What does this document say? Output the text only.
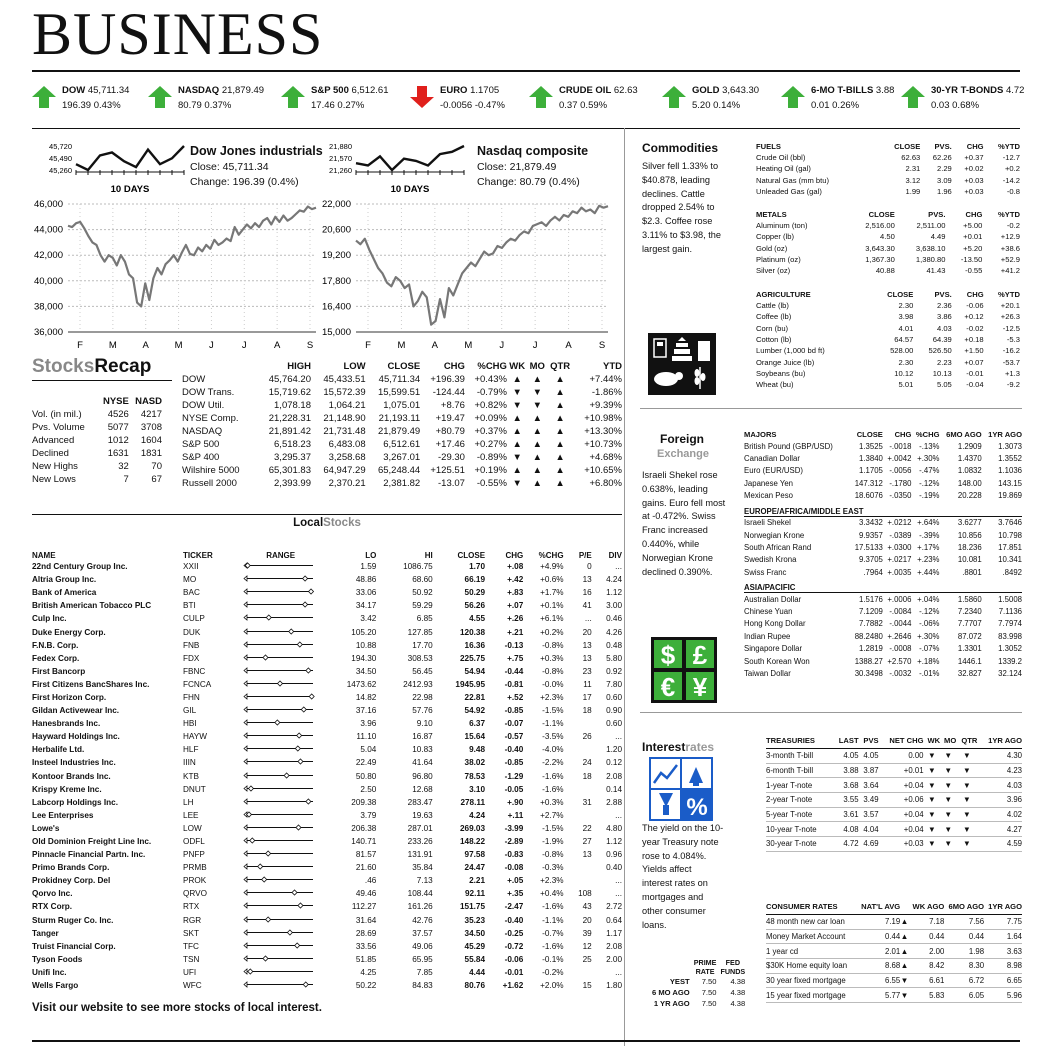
BUSINESS
DOW 45,711.34
196.39 0.43%
NASDAQ 21,879.49
80.79 0.37%
S&P 500 6,512.61
17.46 0.27%
EURO 1.1705
-0.0056 -0.47%
CRUDE OIL 62.63
0.37 0.59%
GOLD 3,643.30
5.20 0.14%
6-MO T-BILLS 3.88
0.01 0.26%
30-YR T-BONDS 4.72
0.03 0.68%
45,720
45,490
45,260
10 DAYS
Dow Jones industrials
Close: 45,711.34
Change: 196.39 (0.4%)
46,000
44,000
42,000
40,000
38,000
36,000
F	M	A	M	J	J	A	S
21,880
21,570
21,260
10 DAYS
Nasdaq composite
Close: 21,879.49
Change: 80.79 (0.4%)
22,000
20,600
19,200
17,800
16,400
15,000
F	M	A	M	J	J	A	S
StocksRecap
	NYSE	NASD
Vol. (in mil.)	4526	4217
Pvs. Volume	5077	3708
Advanced	1012	1604
Declined	1631	1831
New Highs	32	70
New Lows	7	67
	HIGH	LOW	CLOSE	CHG	%CHG	WK	MO	QTR	YTD
DOW	45,764.20	45,433.51	45,711.34	+196.39	+0.43%	▲	▲	▲	+7.44%
DOW Trans.	15,719.62	15,572.39	15,599.51	-124.44	-0.79%	▼	▼	▲	-1.86%
DOW Util.	1,078.18	1,064.21	1,075.01	+8.76	+0.82%	▼	▼	▲	+9.39%
NYSE Comp.	21,228.31	21,148.90	21,193.11	+19.47	+0.09%	▲	▲	▲	+10.98%
NASDAQ	21,891.42	21,731.48	21,879.49	+80.79	+0.37%	▲	▲	▲	+13.30%
S&P 500	6,518.23	6,483.08	6,512.61	+17.46	+0.27%	▲	▲	▲	+10.73%
S&P 400	3,295.37	3,258.68	3,267.01	-29.30	-0.89%	▼	▲	▲	+4.68%
Wilshire 5000	65,301.83	64,947.29	65,248.44	+125.51	+0.19%	▲	▲	▲	+10.65%
Russell 2000	2,393.99	2,370.21	2,381.82	-13.07	-0.55%	▼	▲	▲	+6.80%
LocalStocks
NAME	TICKER	RANGE	LO	HI	CLOSE	CHG	%CHG	P/E	DIV
22nd Century Group Inc.	XXII		1.59	1086.75	1.70	+.08	+4.9%	0	...
Altria Group Inc.	MO		48.86	68.60	66.19	+.42	+0.6%	13	4.24
Bank of America	BAC		33.06	50.92	50.29	+.83	+1.7%	16	1.12
British American Tobacco PLC	BTI		34.17	59.29	56.26	+.07	+0.1%	41	3.00
Culp Inc.	CULP		3.42	6.85	4.55	+.26	+6.1%	...	0.46
Duke Energy Corp.	DUK		105.20	127.85	120.38	+.21	+0.2%	20	4.26
F.N.B. Corp.	FNB		10.88	17.70	16.36	-0.13	-0.8%	13	0.48
Fedex Corp.	FDX		194.30	308.53	225.75	+.75	+0.3%	13	5.80
First Bancorp	FBNC		34.50	56.45	54.94	-0.44	-0.8%	23	0.92
First Citizens BancShares Inc.	FCNCA		1473.62	2412.93	1945.95	-0.81	-0.0%	11	7.80
First Horizon Corp.	FHN		14.82	22.98	22.81	+.52	+2.3%	17	0.60
Gildan Activewear Inc.	GIL		37.16	57.76	54.92	-0.85	-1.5%	18	0.90
Hanesbrands Inc.	HBI		3.96	9.10	6.37	-0.07	-1.1%		0.60
Hayward Holdings Inc.	HAYW		11.10	16.87	15.64	-0.57	-3.5%	26	...
Herbalife Ltd.	HLF		5.04	10.83	9.48	-0.40	-4.0%		1.20
Insteel Industries Inc.	IIIN		22.49	41.64	38.02	-0.85	-2.2%	24	0.12
Kontoor Brands Inc.	KTB		50.80	96.80	78.53	-1.29	-1.6%	18	2.08
Krispy Kreme Inc.	DNUT		2.50	12.68	3.10	-0.05	-1.6%		0.14
Labcorp Holdings Inc.	LH		209.38	283.47	278.11	+.90	+0.3%	31	2.88
Lee Enterprises	LEE		3.79	19.63	4.24	+.11	+2.7%		...
Lowe's	LOW		206.38	287.01	269.03	-3.99	-1.5%	22	4.80
Old Dominion Freight Line Inc.	ODFL		140.71	233.26	148.22	-2.89	-1.9%	27	1.12
Pinnacle Financial Partn. Inc.	PNFP		81.57	131.91	97.58	-0.83	-0.8%	13	0.96
Primo Brands Corp.	PRMB		21.60	35.84	24.47	-0.08	-0.3%		0.40
Prokidney Corp. Del	PROK		.46	7.13	2.21	+.05	+2.3%		...
Qorvo Inc.	QRVO		49.46	108.44	92.11	+.35	+0.4%	108	...
RTX Corp.	RTX		112.27	161.26	151.75	-2.47	-1.6%	43	2.72
Sturm Ruger Co. Inc.	RGR		31.64	42.76	35.23	-0.40	-1.1%	20	0.64
Tanger	SKT		28.69	37.57	34.50	-0.25	-0.7%	39	1.17
Truist Financial Corp.	TFC		33.56	49.06	45.29	-0.72	-1.6%	12	2.08
Tyson Foods	TSN		51.85	65.95	55.84	-0.06	-0.1%	25	2.00
Unifi Inc.	UFI		4.25	7.85	4.44	-0.01	-0.2%		...
Wells Fargo	WFC		50.22	84.83	80.76	+1.62	+2.0%	15	1.80
Visit our website to see more stocks of local interest.
Commodities
Silver fell 1.33% to $40.878, leading declines. Cattle dropped 2.54% to $2.3. Coffee rose 3.11% to $3.98, the largest gain.
FUELS	CLOSE	PVS.	CHG	%YTD
Crude Oil (bbl)	62.63	62.26	+0.37	-12.7
Heating Oil (gal)	2.31	2.29	+0.02	+0.2
Natural Gas (mm btu)	3.12	3.09	+0.03	-14.2
Unleaded Gas (gal)	1.99	1.96	+0.03	-0.8
METALS	CLOSE	PVS.	CHG	%YTD
Aluminum (ton)	2,516.00	2,511.00	+5.00	-0.2
Copper (lb)	4.50	4.49	+0.01	+12.9
Gold (oz)	3,643.30	3,638.10	+5.20	+38.6
Platinum (oz)	1,367.30	1,380.80	-13.50	+52.9
Silver (oz)	40.88	41.43	-0.55	+41.2
AGRICULTURE	CLOSE	PVS.	CHG	%YTD
Cattle (lb)	2.30	2.36	-0.06	+20.1
Coffee (lb)	3.98	3.86	+0.12	+26.3
Corn (bu)	4.01	4.03	-0.02	-12.5
Cotton (lb)	64.57	64.39	+0.18	-5.3
Lumber (1,000 bd ft)	528.00	526.50	+1.50	-16.2
Orange Juice (lb)	2.30	2.23	+0.07	-53.7
Soybeans (bu)	10.12	10.13	-0.01	+1.3
Wheat (bu)	5.01	5.05	-0.04	-9.2
Foreign
Exchange
Israeli Shekel rose 0.638%, leading gains. Euro fell most at -0.472%. Swiss Franc increased 0.440%, while Norwegian Krone declined 0.390%.
$ £
€ ¥
MAJORS	CLOSE	CHG	%CHG	6MO AGO	1YR AGO
British Pound (GBP/USD)	1.3525	-.0018	-.13%	1.2909	1.3073
Canadian Dollar	1.3840	+.0042	+.30%	1.4370	1.3552
Euro (EUR/USD)	1.1705	-.0056	-.47%	1.0832	1.1036
Japanese Yen	147.312	-.1780	-.12%	148.00	143.15
Mexican Peso	18.6076	-.0350	-.19%	20.228	19.869
EUROPE/AFRICA/MIDDLE EAST					
Israeli Shekel	3.3432	+.0212	+.64%	3.6277	3.7646
Norwegian Krone	9.9357	-.0389	-.39%	10.856	10.798
South African Rand	17.5133	+.0300	+.17%	18.236	17.851
Swedish Krona	9.3705	+.0217	+.23%	10.081	10.341
Swiss Franc	.7964	+.0035	+.44%	.8801	.8492
ASIA/PACIFIC					
Australian Dollar	1.5176	+.0006	+.04%	1.5860	1.5008
Chinese Yuan	7.1209	-.0084	-.12%	7.2340	7.1136
Hong Kong Dollar	7.7882	-.0044	-.06%	7.7707	7.7974
Indian Rupee	88.2480	+.2646	+.30%	87.072	83.998
Singapore Dollar	1.2819	-.0008	-.07%	1.3301	1.3052
South Korean Won	1388.27	+2.570	+.18%	1446.1	1339.2
Taiwan Dollar	30.3498	-.0032	-.01%	32.827	32.124
Interestrates
%
The yield on the 10-year Treasury note rose to 4.084%. Yields affect interest rates on mortgages and other consumer loans.
	PRIME RATE	FED FUNDS
YEST	7.50	4.38
6 MO AGO	7.50	4.38
1 YR AGO	7.50	4.38
TREASURIES	LAST	PVS	NET CHG	WK	MO	QTR	1YR AGO
3-month T-bill	4.05	4.05	0.00	▼	▼	▼	4.30
6-month T-bill	3.88	3.87	+0.01	▼	▼	▼	4.23
1-year T-note	3.68	3.64	+0.04	▼	▼	▼	4.03
2-year T-note	3.55	3.49	+0.06	▼	▼	▼	3.96
5-year T-note	3.61	3.57	+0.04	▼	▼	▼	4.02
10-year T-note	4.08	4.04	+0.04	▼	▼	▼	4.27
30-year T-note	4.72	4.69	+0.03	▼	▼	▼	4.59
CONSUMER RATES	NAT'L AVG		WK AGO	6MO AGO	1YR AGO
48 month new car loan	7.19	▲	7.18	7.56	7.75
Money Market Account	0.44	▲	0.44	0.44	1.64
1 year cd	2.01	▲	2.00	1.98	3.63
$30K Home equity loan	8.68	▲	8.42	8.30	8.98
30 year fixed mortgage	6.55	▼	6.61	6.72	6.65
15 year fixed mortgage	5.77	▼	5.83	6.05	5.96
